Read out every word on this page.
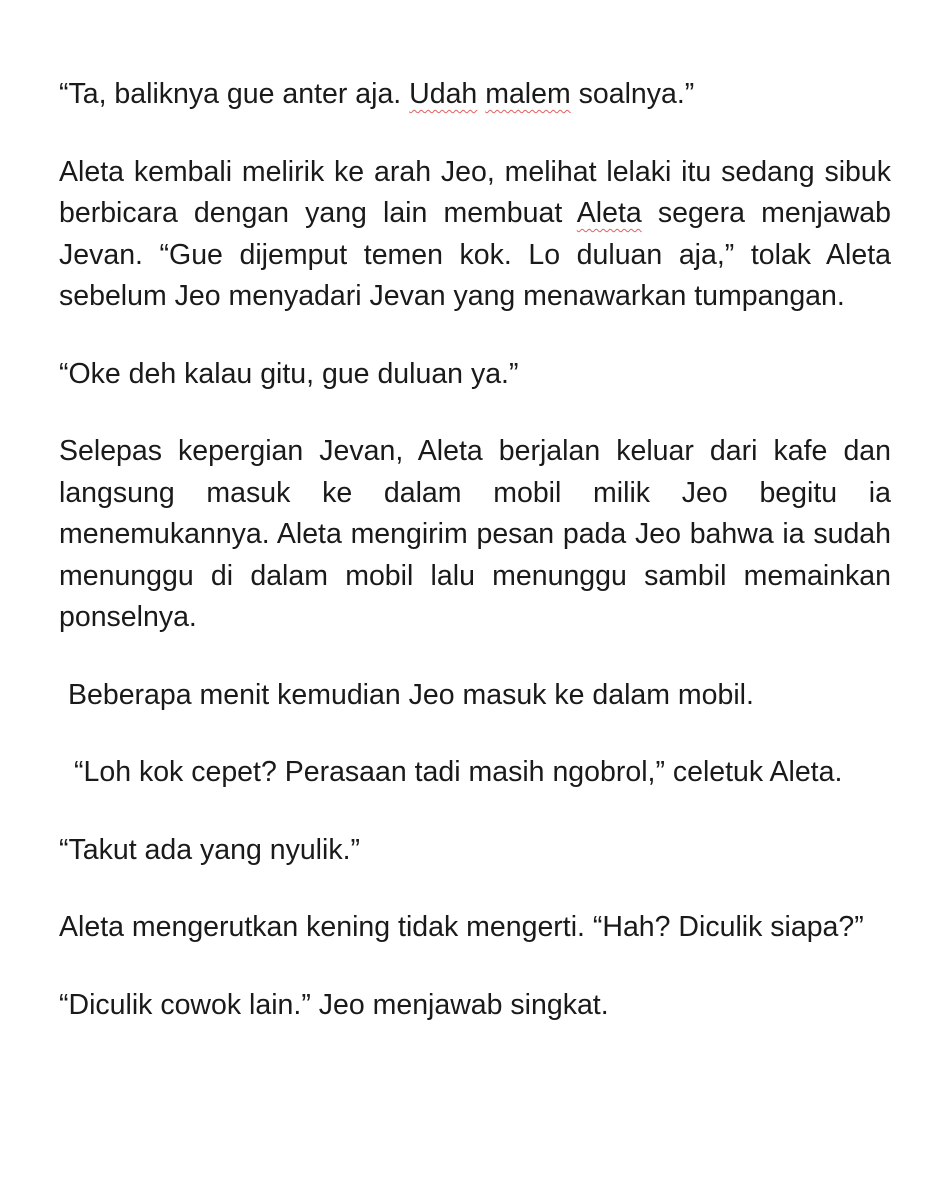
“Ta, baliknya gue anter aja. Udah malem soalnya.”

Aleta kembali melirik ke arah Jeo, melihat lelaki itu sedang sibuk berbicara dengan yang lain membuat Aleta segera menjawab Jevan. “Gue dijemput temen kok. Lo duluan aja,” tolak Aleta sebelum Jeo menyadari Jevan yang menawarkan tumpangan.

“Oke deh kalau gitu, gue duluan ya.”

Selepas kepergian Jevan, Aleta berjalan keluar dari kafe dan langsung masuk ke dalam mobil milik Jeo begitu ia menemukannya. Aleta mengirim pesan pada Jeo bahwa ia sudah menunggu di dalam mobil lalu menunggu sambil memainkan ponselnya.

Beberapa menit kemudian Jeo masuk ke dalam mobil.

“Loh kok cepet? Perasaan tadi masih ngobrol,” celetuk Aleta.

“Takut ada yang nyulik.”

Aleta mengerutkan kening tidak mengerti. “Hah? Diculik siapa?”

“Diculik cowok lain.” Jeo menjawab singkat.
